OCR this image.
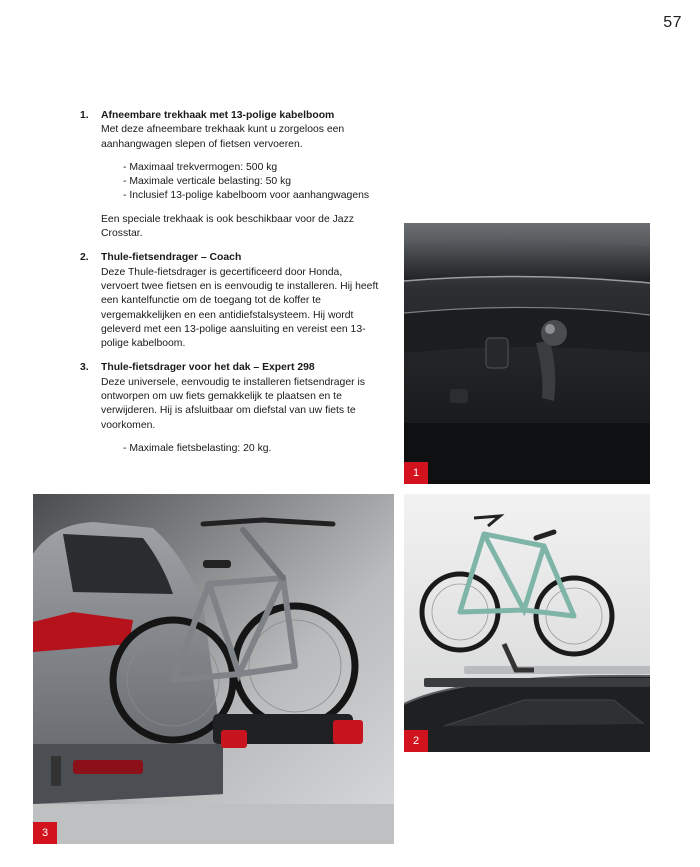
57
1. Afneembare trekhaak met 13-polige kabelboom
Met deze afneembare trekhaak kunt u zorgeloos een aanhangwagen slepen of fietsen vervoeren.
- Maximaal trekvermogen: 500 kg
- Maximale verticale belasting: 50 kg
- Inclusief 13-polige kabelboom voor aanhangwagens
Een speciale trekhaak is ook beschikbaar voor de Jazz Crosstar.
2. Thule-fietsendrager – Coach
Deze Thule-fietsdrager is gecertificeerd door Honda, vervoert twee fietsen en is eenvoudig te installeren. Hij heeft een kantelfunctie om de toegang tot de koffer te vergemakkelijken en een antidiefstalsysteem. Hij wordt geleverd met een 13-polige aansluiting en vereist een 13-polige kabelboom.
3. Thule-fietsdrager voor het dak – Expert 298
Deze universele, eenvoudig te installeren fietsendrager is ontworpen om uw fiets gemakkelijk te plaatsen en te verwijderen. Hij is afsluitbaar om diefstal van uw fiets te voorkomen.
- Maximale fietsbelasting: 20 kg.
1
2
3
